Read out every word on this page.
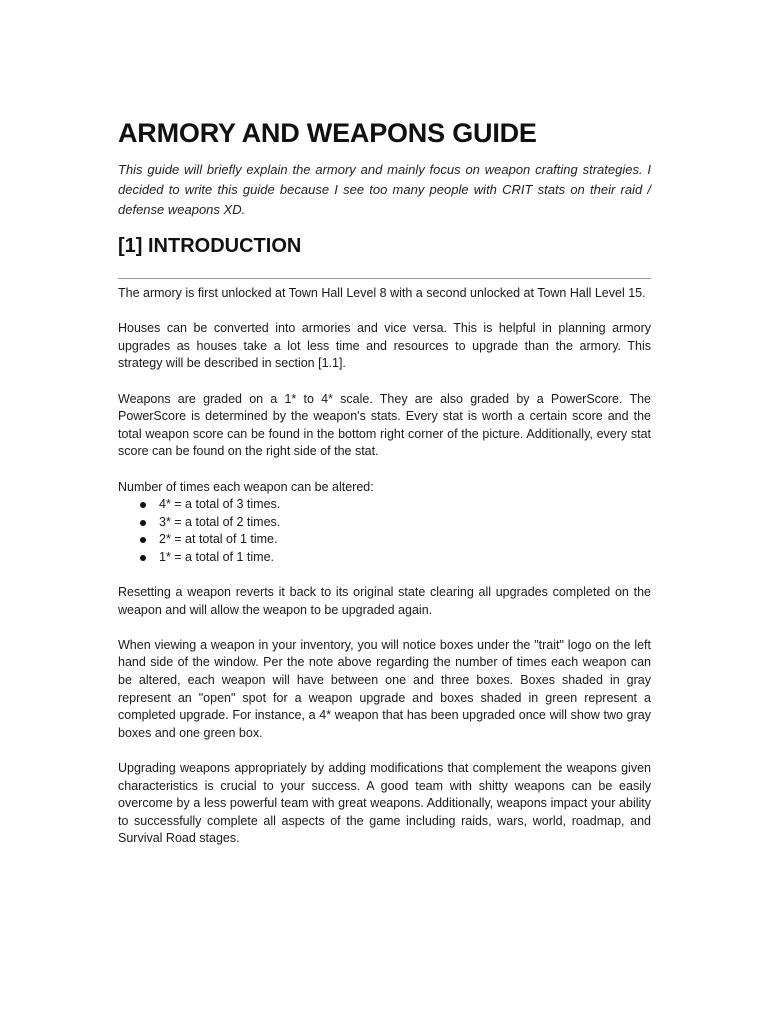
ARMORY AND WEAPONS GUIDE

This guide will briefly explain the armory and mainly focus on weapon crafting strategies. I decided to write this guide because I see too many people with CRIT stats on their raid / defense weapons XD.

[1] INTRODUCTION

The armory is first unlocked at Town Hall Level 8 with a second unlocked at Town Hall Level 15.

Houses can be converted into armories and vice versa. This is helpful in planning armory upgrades as houses take a lot less time and resources to upgrade than the armory. This strategy will be described in section [1.1].

Weapons are graded on a 1* to 4* scale. They are also graded by a PowerScore. The PowerScore is determined by the weapon's stats. Every stat is worth a certain score and the total weapon score can be found in the bottom right corner of the picture. Additionally, every stat score can be found on the right side of the stat.

Number of times each weapon can be altered:

4* = a total of 3 times.
3* = a total of 2 times.
2* = at total of 1 time.
1* = a total of 1 time.

Resetting a weapon reverts it back to its original state clearing all upgrades completed on the weapon and will allow the weapon to be upgraded again.

When viewing a weapon in your inventory, you will notice boxes under the "trait" logo on the left hand side of the window. Per the note above regarding the number of times each weapon can be altered, each weapon will have between one and three boxes. Boxes shaded in gray represent an "open" spot for a weapon upgrade and boxes shaded in green represent a completed upgrade. For instance, a 4* weapon that has been upgraded once will show two gray boxes and one green box.

Upgrading weapons appropriately by adding modifications that complement the weapons given characteristics is crucial to your success. A good team with shitty weapons can be easily overcome by a less powerful team with great weapons. Additionally, weapons impact your ability to successfully complete all aspects of the game including raids, wars, world, roadmap, and Survival Road stages.
